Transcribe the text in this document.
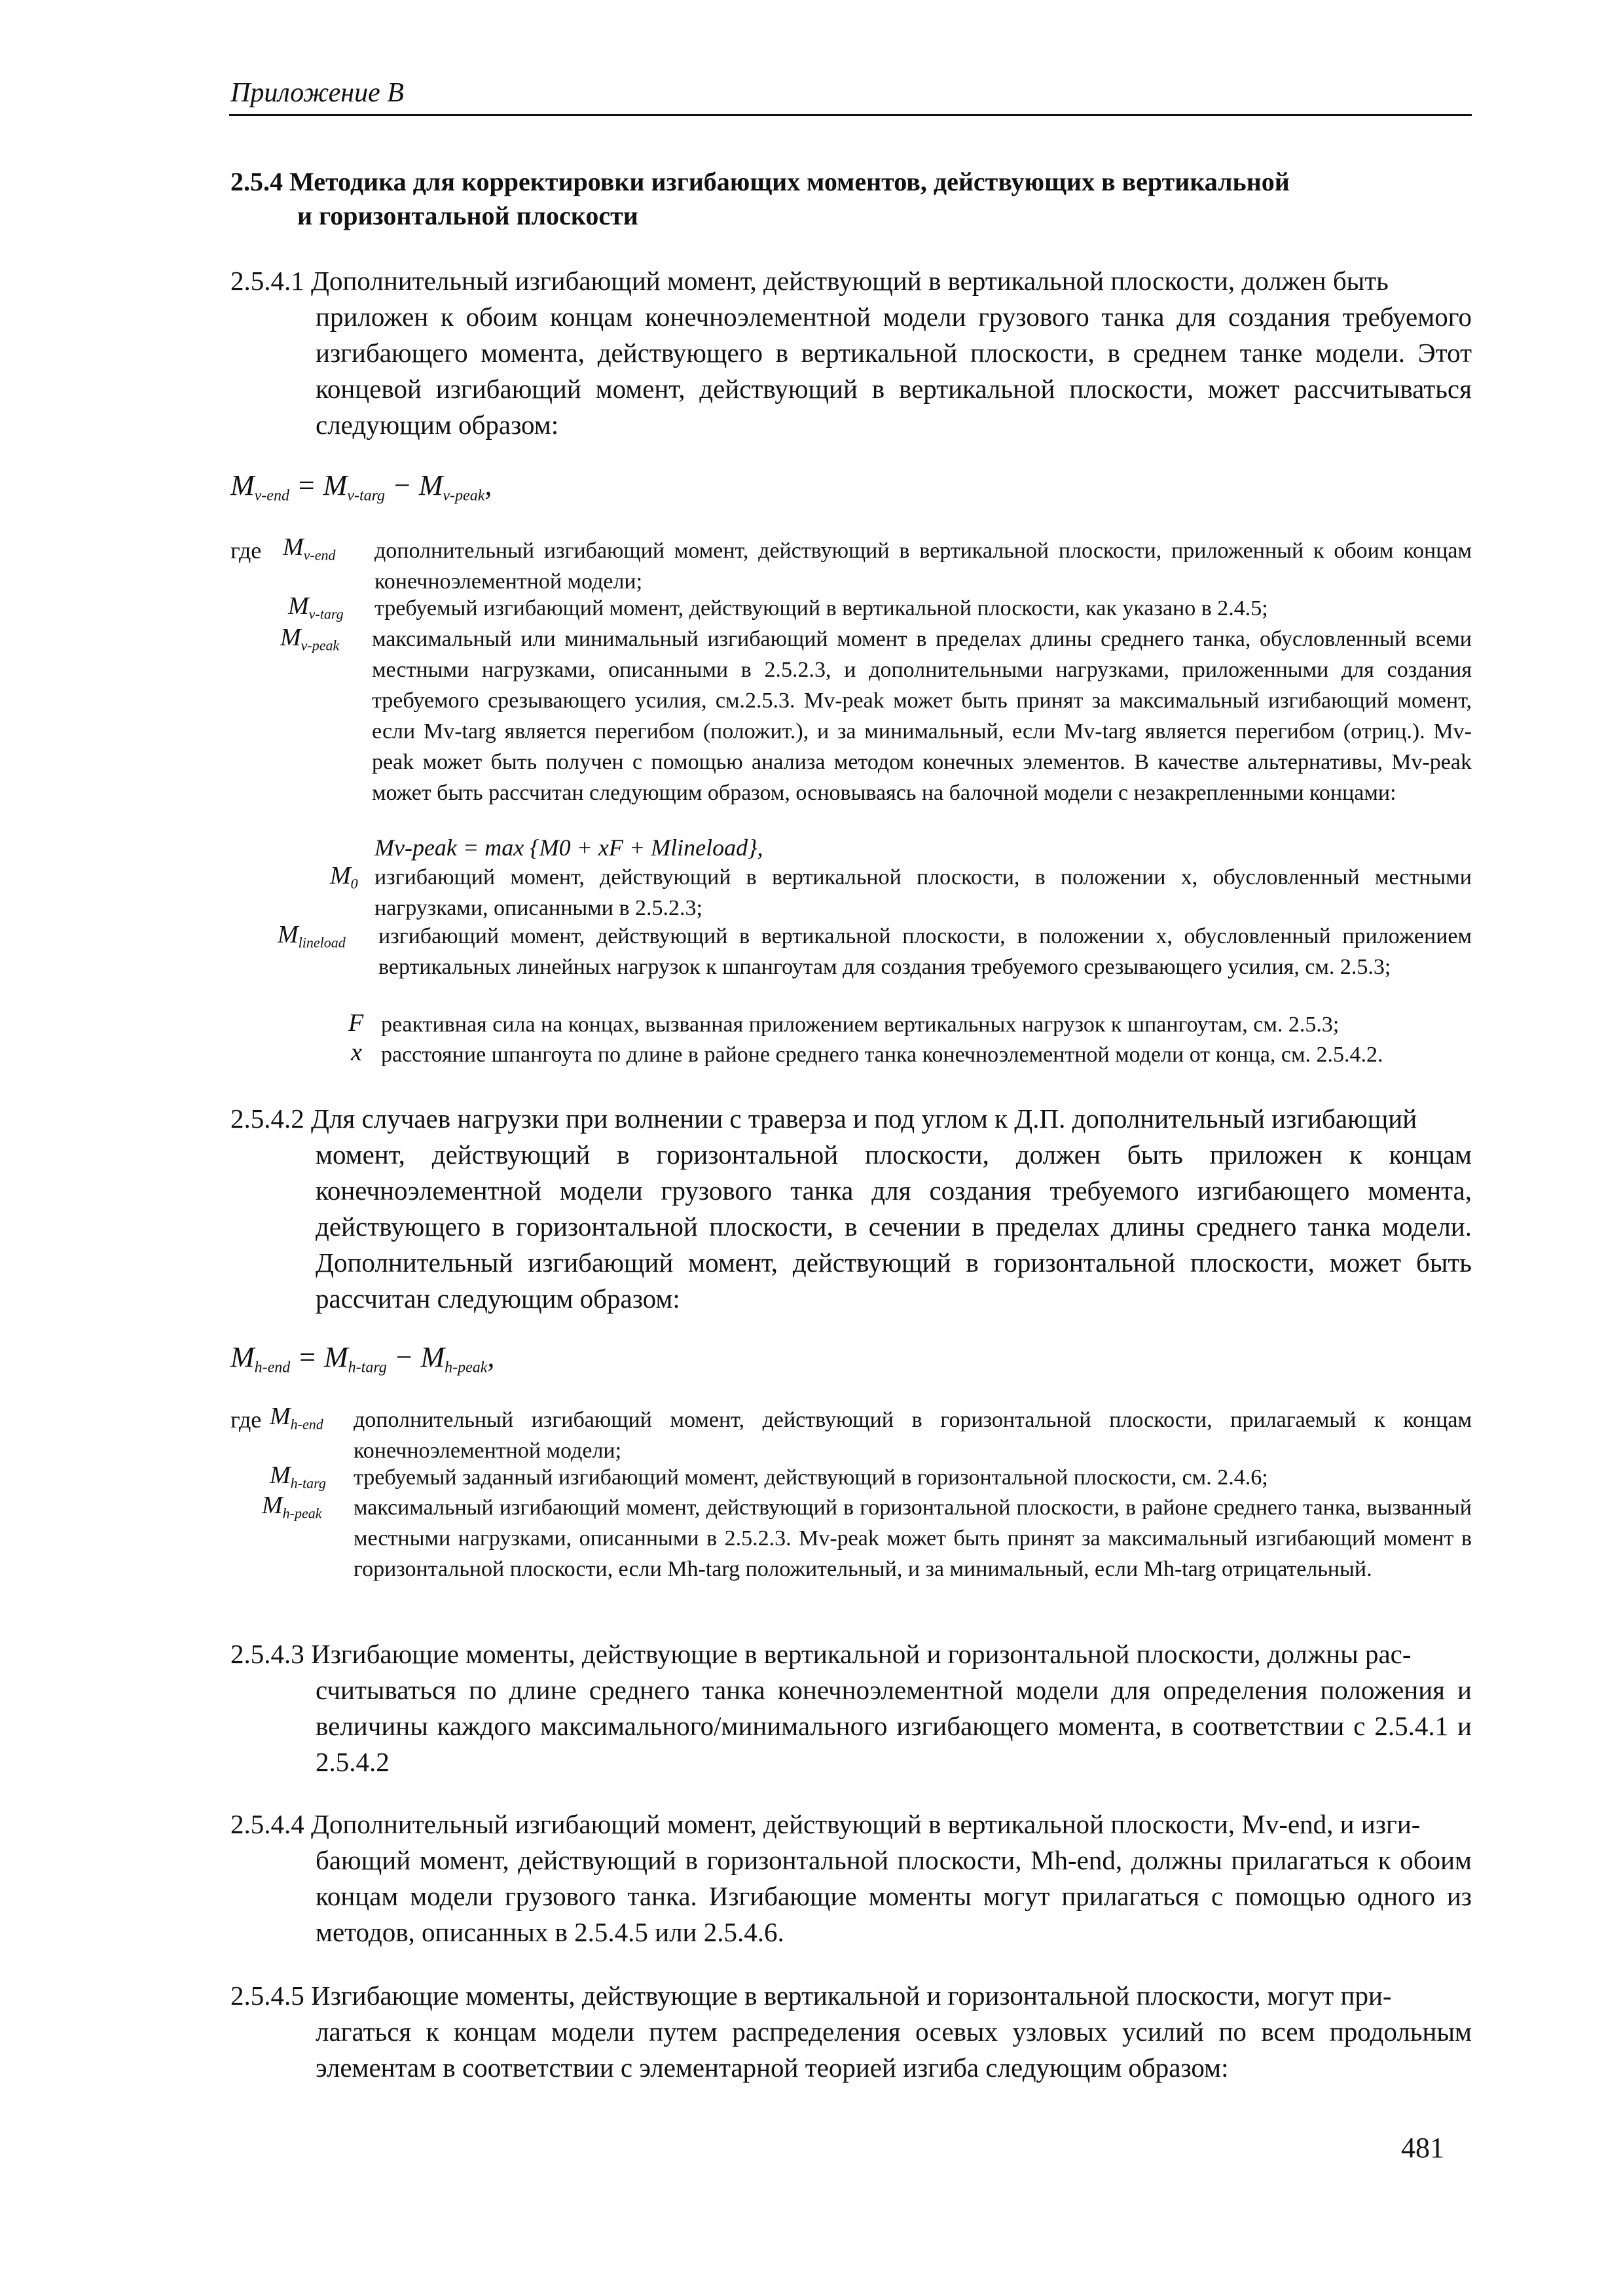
Приложение В
2.5.4 Методика для корректировки изгибающих моментов, действующих в вертикальной
и горизонтальной плоскости
2.5.4.1 Дополнительный изгибающий момент, действующий в вертикальной плоскости, должен быть
приложен к обоим концам конечноэлементной модели грузового танка для создания требуемого изгибающего момента, действующего в вертикальной плоскости, в среднем танке модели. Этот концевой изгибающий момент, действующий в вертикальной плоскости, может рассчитываться следующим образом:
$M_{v-end} = M_{v-targ} - M_{v-peak}$,
где $M_{v-end}$ дополнительный изгибающий момент, действующий в вертикальной плоскости, приложенный к обоим концам конечноэлементной модели;
$M_{v-targ}$ требуемый изгибающий момент, действующий в вертикальной плоскости, как указано в 2.4.5;
$M_{v-peak}$ максимальный или минимальный изгибающий момент в пределах длины среднего танка, обусловленный всеми местными нагрузками, описанными в 2.5.2.3, и дополнительными нагрузками, приложенными для создания требуемого срезывающего усилия, см.2.5.3. Mv-peak может быть принят за максимальный изгибающий момент, если Mv-targ является перегибом (положит.), и за минимальный, если Mv-targ является перегибом (отриц.). Mv-peak может быть получен с помощью анализа методом конечных элементов. В качестве альтернативы, Mv-peak может быть рассчитан следующим образом, основываясь на балочной модели с незакрепленными концами:
Mv-peak = max {M0 + xF + Mlineload},
$M_0$ изгибающий момент, действующий в вертикальной плоскости, в положении x, обусловленный местными нагрузками, описанными в 2.5.2.3;
$M_{lineload}$ изгибающий момент, действующий в вертикальной плоскости, в положении x, обусловленный приложением вертикальных линейных нагрузок к шпангоутам для создания требуемого срезывающего усилия, см. 2.5.3;
F реактивная сила на концах, вызванная приложением вертикальных нагрузок к шпангоутам, см. 2.5.3;
x расстояние шпангоута по длине в районе среднего танка конечноэлементной модели от конца, см. 2.5.4.2.
2.5.4.2 Для случаев нагрузки при волнении с траверза и под углом к Д.П. дополнительный изгибающий
момент, действующий в горизонтальной плоскости, должен быть приложен к концам конечноэлементной модели грузового танка для создания требуемого изгибающего момента, действующего в горизонтальной плоскости, в сечении в пределах длины среднего танка модели. Дополнительный изгибающий момент, действующий в горизонтальной плоскости, может быть рассчитан следующим образом:
$M_{h-end} = M_{h-targ} - M_{h-peak}$,
где $M_{h-end}$ дополнительный изгибающий момент, действующий в горизонтальной плоскости, прилагаемый к концам конечноэлементной модели;
$M_{h-targ}$ требуемый заданный изгибающий момент, действующий в горизонтальной плоскости, см. 2.4.6;
$M_{h-peak}$ максимальный изгибающий момент, действующий в горизонтальной плоскости, в районе среднего танка, вызванный местными нагрузками, описанными в 2.5.2.3. Mv-peak может быть принят за максимальный изгибающий момент в горизонтальной плоскости, если Mh-targ положительный, и за минимальный, если Mh-targ отрицательный.
2.5.4.3 Изгибающие моменты, действующие в вертикальной и горизонтальной плоскости, должны рас-
считываться по длине среднего танка конечноэлементной модели для определения положения и величины каждого максимального/минимального изгибающего момента, в соответствии с 2.5.4.1 и 2.5.4.2
2.5.4.4 Дополнительный изгибающий момент, действующий в вертикальной плоскости, Mv-end, и изги-
бающий момент, действующий в горизонтальной плоскости, Mh-end, должны прилагаться к обоим концам модели грузового танка. Изгибающие моменты могут прилагаться с помощью одного из методов, описанных в 2.5.4.5 или 2.5.4.6.
2.5.4.5 Изгибающие моменты, действующие в вертикальной и горизонтальной плоскости, могут при-
лагаться к концам модели путем распределения осевых узловых усилий по всем продольным элементам в соответствии с элементарной теорией изгиба следующим образом:
481
